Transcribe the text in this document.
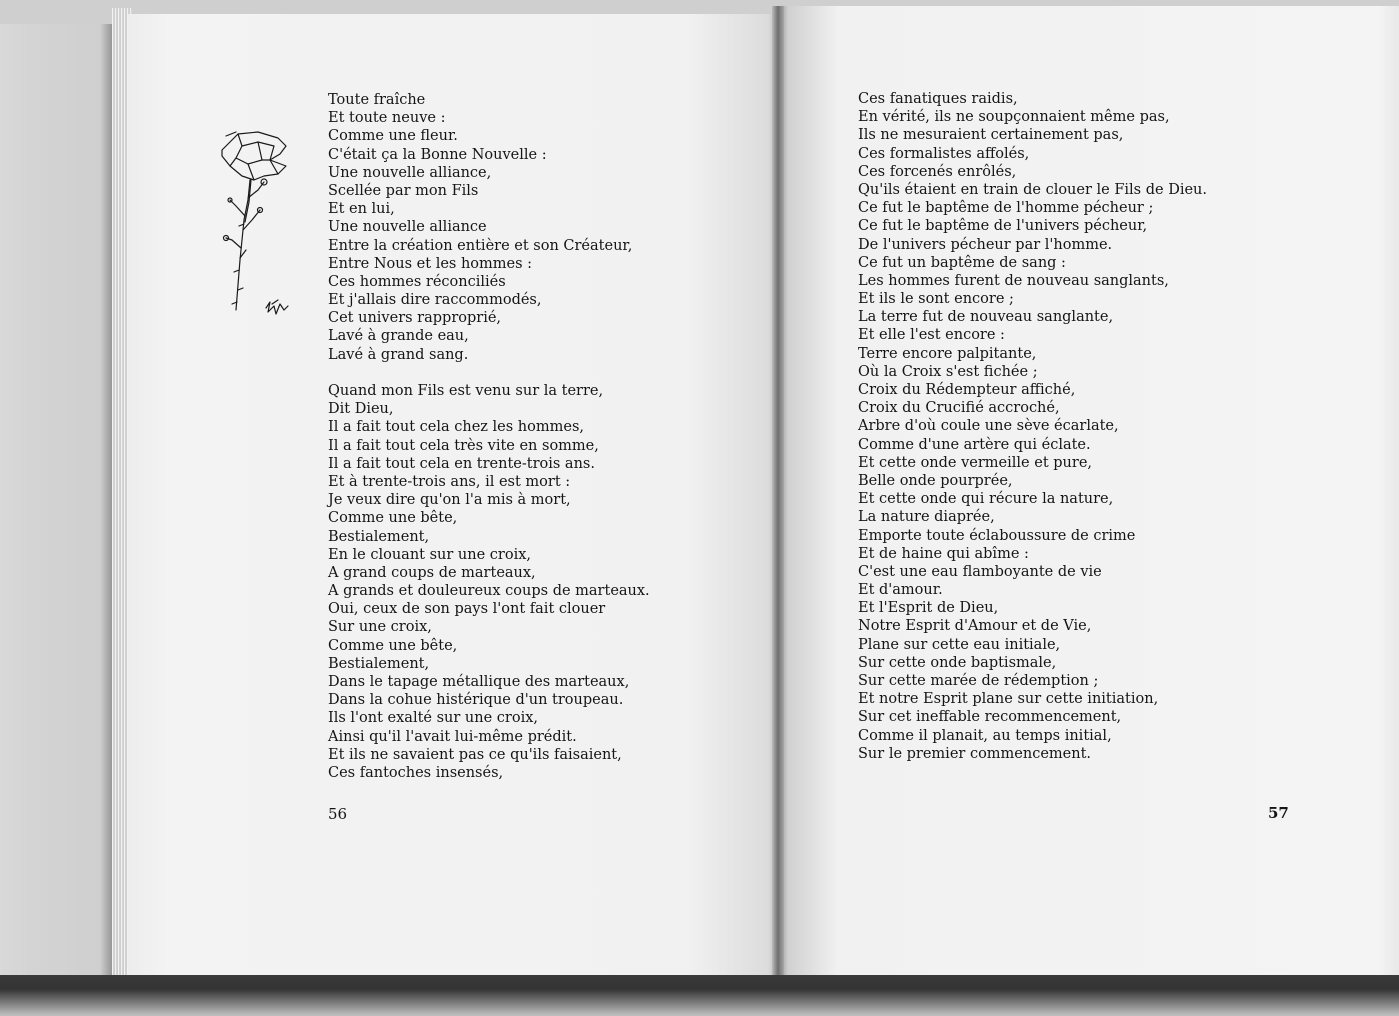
Toute fraîche
Et toute neuve :
Comme une fleur.
C'était ça la Bonne Nouvelle :
Une nouvelle alliance,
Scellée par mon Fils
Et en lui,
Une nouvelle alliance
Entre la création entière et son Créateur,
Entre Nous et les hommes :
Ces hommes réconciliés
Et j'allais dire raccommodés,
Cet univers rapproprié,
Lavé à grande eau,
Lavé à grand sang.
Quand mon Fils est venu sur la terre,
Dit Dieu,
Il a fait tout cela chez les hommes,
Il a fait tout cela très vite en somme,
Il a fait tout cela en trente-trois ans.
Et à trente-trois ans, il est mort :
Je veux dire qu'on l'a mis à mort,
Comme une bête,
Bestialement,
En le clouant sur une croix,
A grand coups de marteaux,
A grands et douleureux coups de marteaux.
Oui, ceux de son pays l'ont fait clouer
Sur une croix,
Comme une bête,
Bestialement,
Dans le tapage métallique des marteaux,
Dans la cohue histérique d'un troupeau.
Ils l'ont exalté sur une croix,
Ainsi qu'il l'avait lui-même prédit.
Et ils ne savaient pas ce qu'ils faisaient,
Ces fantoches insensés,
Ces fanatiques raidis,
En vérité, ils ne soupçonnaient même pas,
Ils ne mesuraient certainement pas,
Ces formalistes affolés,
Ces forcenés enrôlés,
Qu'ils étaient en train de clouer le Fils de Dieu.
Ce fut le baptême de l'homme pécheur ;
Ce fut le baptême de l'univers pécheur,
De l'univers pécheur par l'homme.
Ce fut un baptême de sang :
Les hommes furent de nouveau sanglants,
Et ils le sont encore ;
La terre fut de nouveau sanglante,
Et elle l'est encore :
Terre encore palpitante,
Où la Croix s'est fichée ;
Croix du Rédempteur affiché,
Croix du Crucifié accroché,
Arbre d'où coule une sève écarlate,
Comme d'une artère qui éclate.
Et cette onde vermeille et pure,
Belle onde pourprée,
Et cette onde qui récure la nature,
La nature diaprée,
Emporte toute éclaboussure de crime
Et de haine qui abîme :
C'est une eau flamboyante de vie
Et d'amour.
Et l'Esprit de Dieu,
Notre Esprit d'Amour et de Vie,
Plane sur cette eau initiale,
Sur cette onde baptismale,
Sur cette marée de rédemption ;
Et notre Esprit plane sur cette initiation,
Sur cet ineffable recommencement,
Comme il planait, au temps initial,
Sur le premier commencement.
56	57
